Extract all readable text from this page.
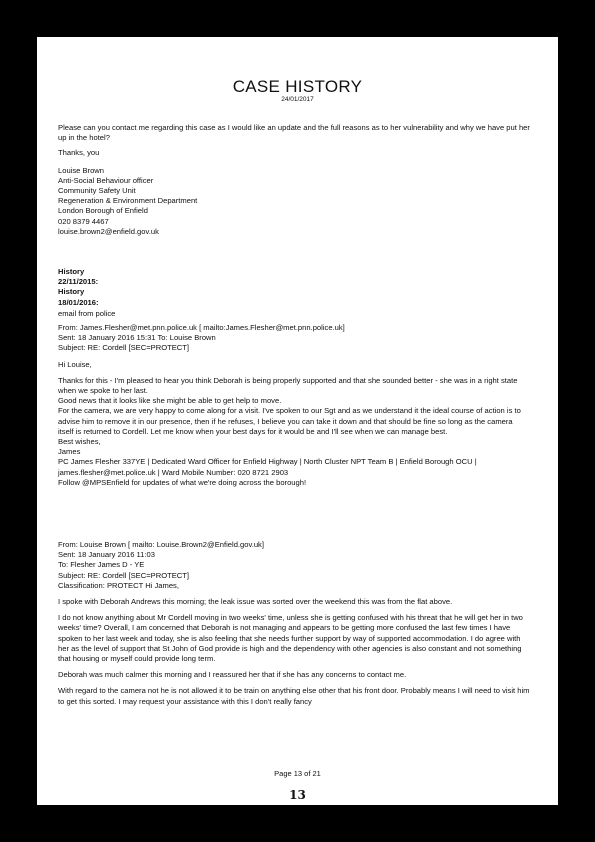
CASE HISTORY
24/01/2017

Please can you contact me regarding this case as I would like an update and the full reasons as to her vulnerability and why we have put her up in the hotel?

Thanks, you

Louise Brown

Anti-Social Behaviour officer

Community Safety Unit

Regeneration & Environment Department

London Borough of Enfield

020 8379 4467

louise.brown2@enfield.gov.uk

History

22/11/2015:

History

18/01/2016:

email from police

From: James.Flesher@met.pnn.police.uk [ mailto:James.Flesher@met.pnn.police.uk]

Sent: 18 January 2016 15:31 To: Louise Brown

Subject: RE: Cordell [SEC=PROTECT]

Hi Louise,

Thanks for this - I'm pleased to hear you think Deborah is being properly supported and that she sounded better - she was in a right state when we spoke to her last.

Good news that it looks like she might be able to get help to move.

For the camera, we are very happy to come along for a visit. I've spoken to our Sgt and as we understand it the ideal course of action is to advise him to remove it in our presence, then if he refuses, I believe you can take it down and that should be fine so long as the camera itself is returned to Cordell. Let me know when your best days for it would be and I'll see when we can manage best.

Best wishes,

James

PC James Flesher 337YE | Dedicated Ward Officer for Enfield Highway | North Cluster NPT Team B | Enfield Borough OCU | james.flesher@met.police.uk | Ward Mobile Number: 020 8721 2903

Follow @MPSEnfield for updates of what we're doing across the borough!

From: Louise Brown [ mailto: Louise.Brown2@Enfield.gov.uk]

Sent: 18 January 2016 11:03

To: Flesher James D - YE

Subject: RE: Cordell [SEC=PROTECT]

Classification: PROTECT Hi James,

I spoke with Deborah Andrews this morning; the leak issue was sorted over the weekend this was from the flat above.

I do not know anything about Mr Cordell moving in two weeks' time, unless she is getting confused with his threat that he will get her in two weeks' time? Overall, I am concerned that Deborah is not managing and appears to be getting more confused the last few times I have spoken to her last week and today, she is also feeling that she needs further support by way of supported accommodation. I do agree with her as the level of support that St John of God provide is high and the dependency with other agencies is also constant and not something that housing or myself could provide long term.

Deborah was much calmer this morning and I reassured her that if she has any concerns to contact me.

With regard to the camera not he is not allowed it to be train on anything else other that his front door. Probably means I will need to visit him to get this sorted. I may request your assistance with this I don't really fancy

Page 13 of 21
13
